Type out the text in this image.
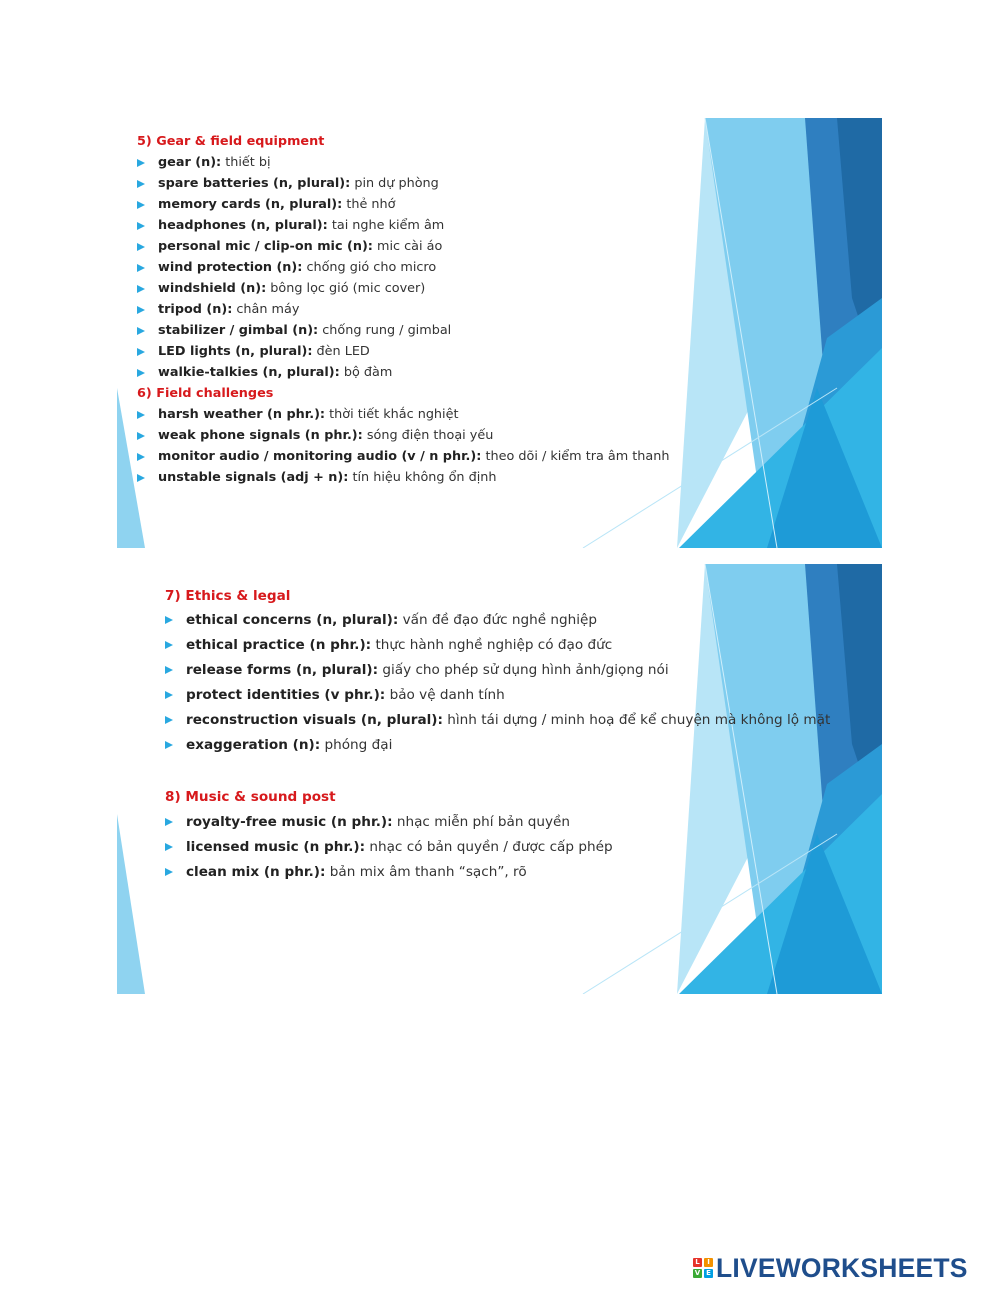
5) Gear & field equipment
gear (n):
thiết bị
spare batteries (n, plural):
pin dự phòng
memory cards (n, plural):
thẻ nhớ
headphones (n, plural):
tai nghe kiểm âm
personal mic / clip-on mic (n):
mic cài áo
wind protection (n):
chống gió cho micro
windshield (n):
bông lọc gió (mic cover)
tripod (n):
chân máy
stabilizer / gimbal (n):
chống rung / gimbal
LED lights (n, plural):
đèn LED
walkie-talkies (n, plural):
bộ đàm
6) Field challenges
harsh weather (n phr.):
thời tiết khắc nghiệt
weak phone signals (n phr.):
sóng điện thoại yếu
monitor audio / monitoring audio (v / n phr.):
theo dõi / kiểm tra âm thanh
unstable signals (adj + n):
tín hiệu không ổn định
7) Ethics & legal
ethical concerns (n, plural):
vấn đề đạo đức nghề nghiệp
ethical practice (n phr.):
thực hành nghề nghiệp có đạo đức
release forms (n, plural):
giấy cho phép sử dụng hình ảnh/giọng nói
protect identities (v phr.):
bảo vệ danh tính
reconstruction visuals (n, plural):
hình tái dựng / minh hoạ để kể chuyện mà không lộ mặt
exaggeration (n):
phóng đại
8) Music & sound post
royalty-free music (n phr.):
nhạc miễn phí bản quyền
licensed music (n phr.):
nhạc có bản quyền / được cấp phép
clean mix (n phr.):
bản mix âm thanh “sạch”, rõ
L	I
V E LIVEWORKSHEETS
